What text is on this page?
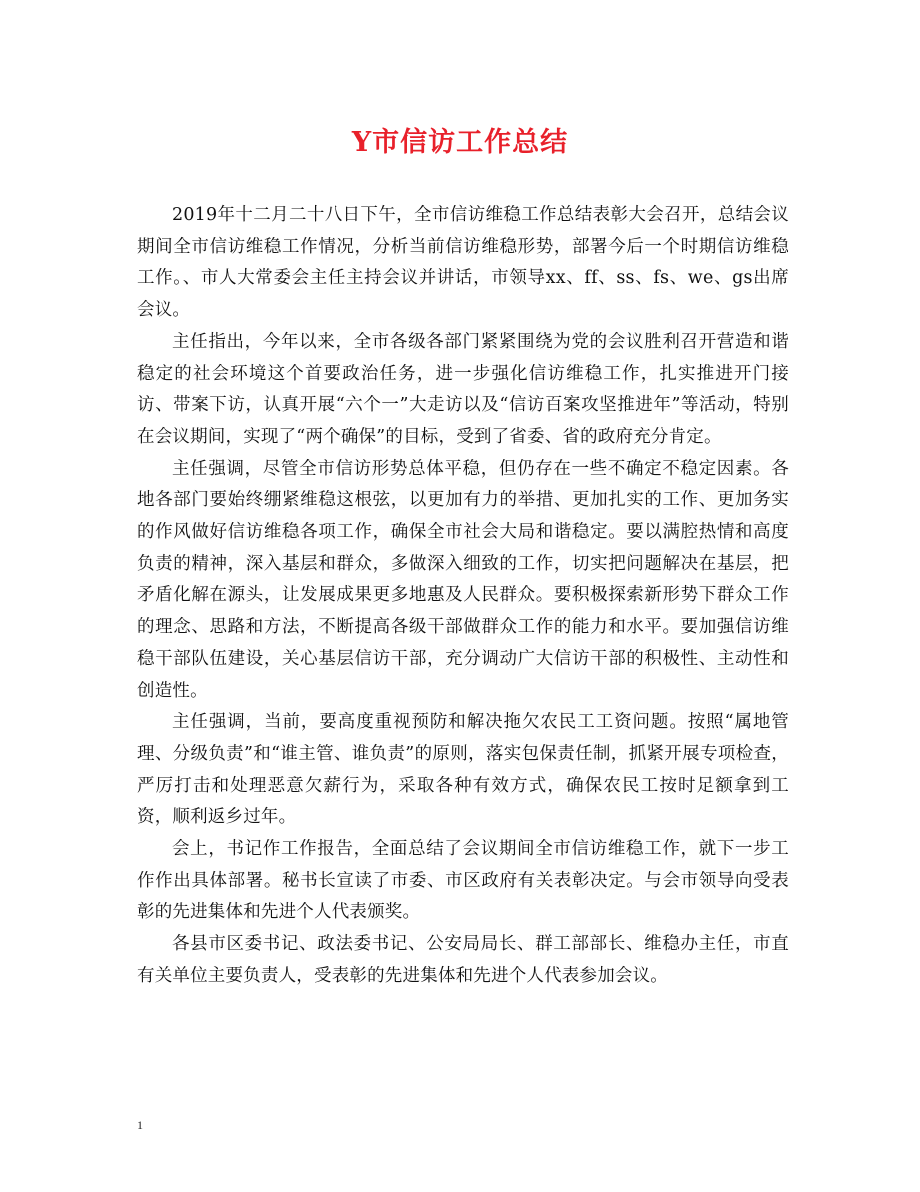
Y市信访工作总结

2019年十二月二十八日下午，全市信访维稳工作总结表彰大会召开，总结会议期间全市信访维稳工作情况，分析当前信访维稳形势，部署今后一个时期信访维稳工作。、市人大常委会主任主持会议并讲话，市领导xx、ff、ss、fs、we、gs出席会议。

主任指出，今年以来，全市各级各部门紧紧围绕为党的会议胜利召开营造和谐稳定的社会环境这个首要政治任务，进一步强化信访维稳工作，扎实推进开门接访、带案下访，认真开展“六个一”大走访以及“信访百案攻坚推进年”等活动，特别在会议期间，实现了“两个确保”的目标，受到了省委、省的政府充分肯定。

主任强调，尽管全市信访形势总体平稳，但仍存在一些不确定不稳定因素。各地各部门要始终绷紧维稳这根弦，以更加有力的举措、更加扎实的工作、更加务实的作风做好信访维稳各项工作，确保全市社会大局和谐稳定。要以满腔热情和高度负责的精神，深入基层和群众，多做深入细致的工作，切实把问题解决在基层，把矛盾化解在源头，让发展成果更多地惠及人民群众。要积极探索新形势下群众工作的理念、思路和方法，不断提高各级干部做群众工作的能力和水平。要加强信访维稳干部队伍建设，关心基层信访干部，充分调动广大信访干部的积极性、主动性和创造性。

主任强调，当前，要高度重视预防和解决拖欠农民工工资问题。按照“属地管理、分级负责”和“谁主管、谁负责”的原则，落实包保责任制，抓紧开展专项检查，严厉打击和处理恶意欠薪行为，采取各种有效方式，确保农民工按时足额拿到工资，顺利返乡过年。

会上，书记作工作报告，全面总结了会议期间全市信访维稳工作，就下一步工作作出具体部署。秘书长宣读了市委、市区政府有关表彰决定。与会市领导向受表彰的先进集体和先进个人代表颁奖。

各县市区委书记、政法委书记、公安局局长、群工部部长、维稳办主任，市直有关单位主要负责人，受表彰的先进集体和先进个人代表参加会议。

1
